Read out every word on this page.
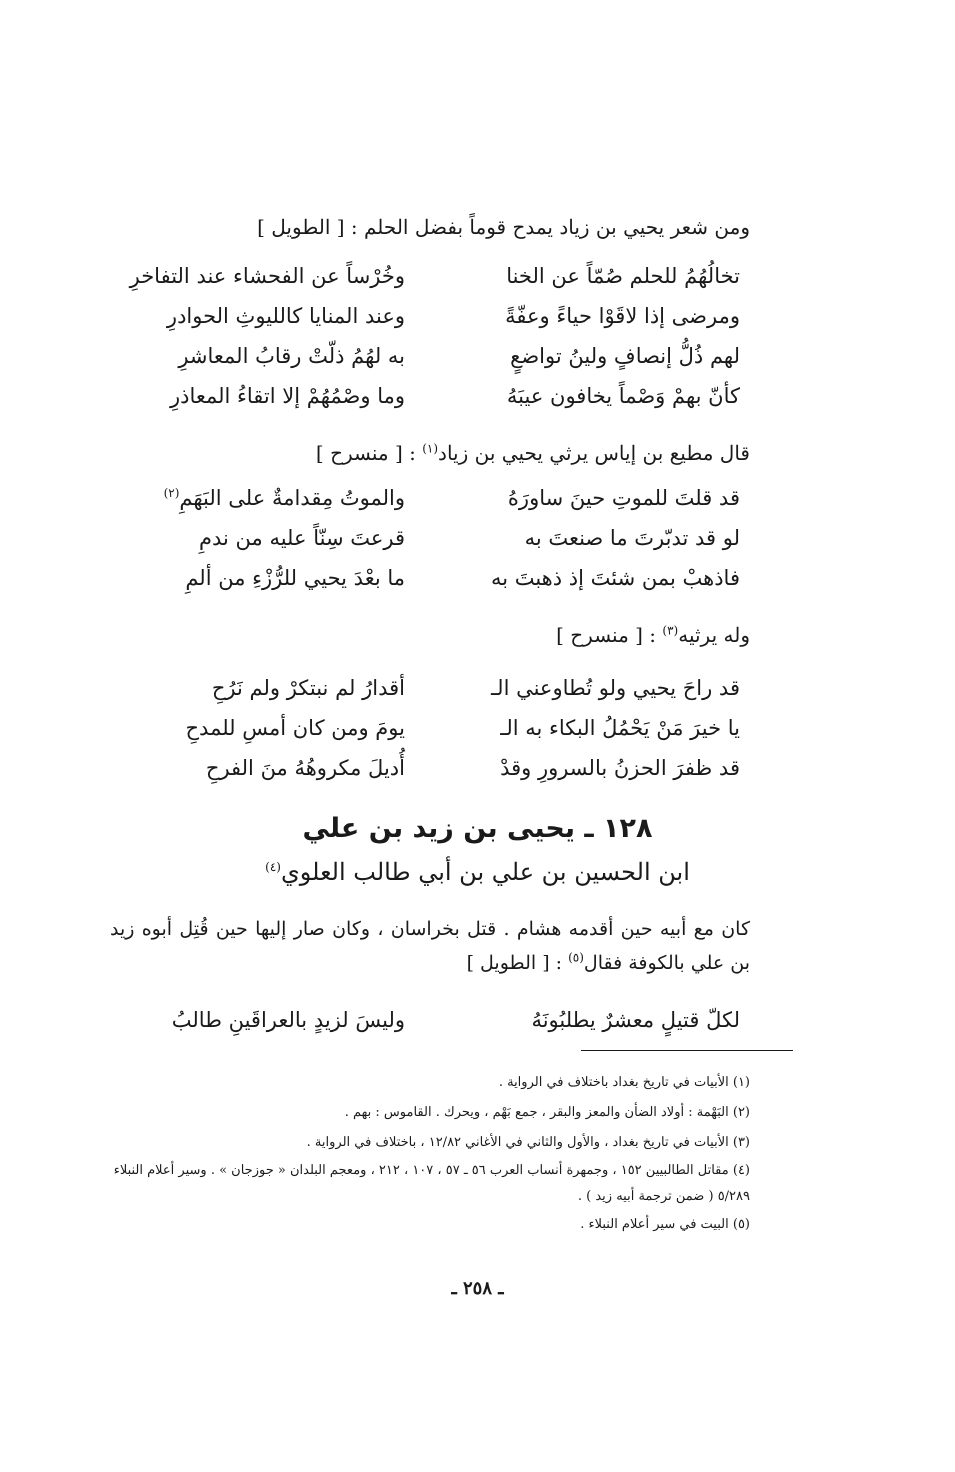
ومن شعر يحيي بن زياد يمدح قوماً بفضل الحلم : [ الطويل ]
تخالُهُمُ للحلم صُمّاً عن الخنا
وخُرْساً عن الفحشاء عند التفاخرِ
ومرضى إذا لاقَوْا حياءً وعفّةً
وعند المنايا كالليوثِ الحوادرِ
لهم ذُلُّ إنصافٍ ولينُ تواضعٍ
به لهُمُ ذلّتْ رقابُ المعاشرِ
كأنّ بهمْ وَصْماً يخافون عيبَهُ
وما وصْمُهُمْ إلا اتقاءُ المعاذرِ
قال مطيع بن إياس يرثي يحيي بن زياد$^{(١)}$ : [ منسرح ]
قد قلتَ للموتِ حينَ ساورَهُ
والموتُ مِقدامةٌ على البَهَمِ$^{(٢)}$
لو قد تدبّرتَ ما صنعتَ به
قرعتَ سِنّاً عليه من ندمِ
فاذهبْ بمن شئتَ إذ ذهبتَ به
ما بعْدَ يحيي للرُّزْءِ من ألمِ
وله يرثيه$^{(٣)}$ : [ منسرح ]
قد راحَ يحيي ولو تُطاوعني الـ
أقدارُ لم نبتكرْ ولم نَرُحِ
يا خيرَ مَنْ يَحْمُلُ البكاء به الـ
يومَ ومن كان أمسِ للمدحِ
قد ظفرَ الحزنُ بالسرورِ وقدْ
أُديلَ مكروهُهُ منَ الفرحِ
١٢٨ ـ يحيى بن زيد بن علي
ابن الحسين بن علي بن أبي طالب العلوي$^{(٤)}$
كان مع أبيه حين أقدمه هشام . قتل بخراسان ، وكان صار إليها حين قُتِل أبوه زيد بن علي بالكوفة فقال$^{(٥)}$ : [ الطويل ]
لكلّ قتيلٍ معشرٌ يطلبُونَهُ
وليسَ لزيدٍ بالعراقَينِ طالبُ
(١) الأبيات في تاريخ بغداد باختلاف في الرواية .
(٢) البَهْمة : أولاد الضأن والمعز والبقر ، جمع بَهْم ، ويحرك . القاموس : بهم .
(٣) الأبيات في تاريخ بغداد ، والأول والثاني في الأغاني ١٢/٨٢ ، باختلاف في الرواية .
(٤) مقاتل الطالبيين ١٥٢ ، وجمهرة أنساب العرب ٥٦ ـ ٥٧ ، ١٠٧ ، ٢١٢ ، ومعجم البلدان « جوزجان » . وسير أعلام النبلاء ٥/٢٨٩ ( ضمن ترجمة أبيه زيد ) .
(٥) البيت في سير أعلام النبلاء .
ـ ٢٥٨ ـ
